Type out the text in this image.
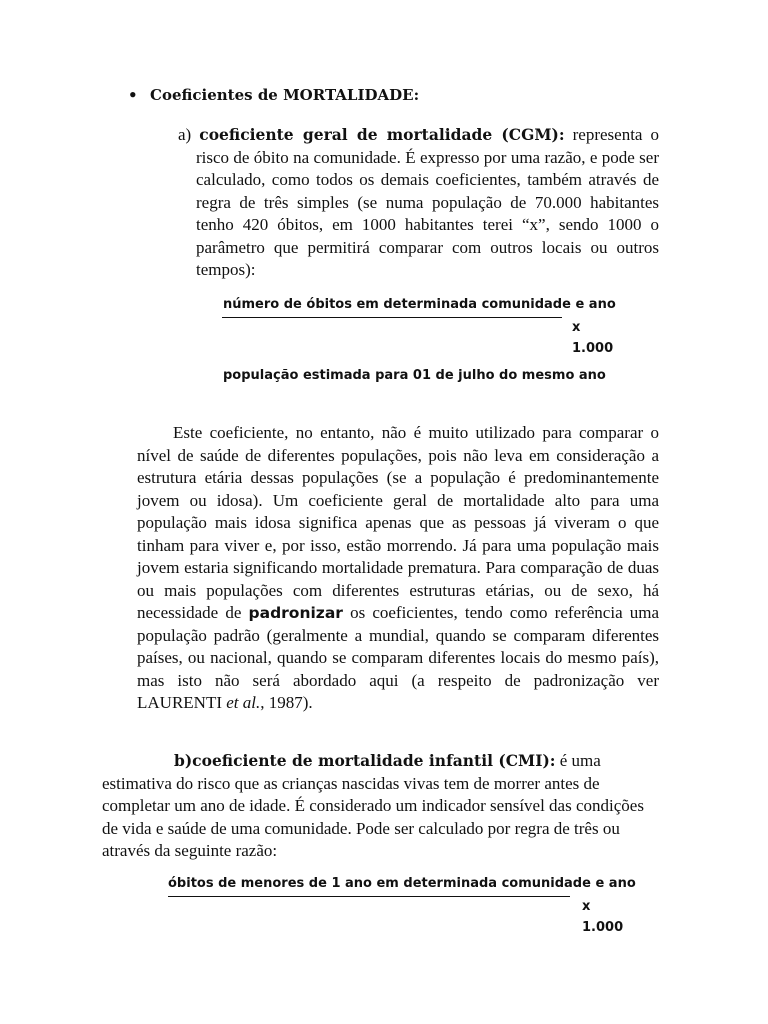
• Coeficientes de MORTALIDADE:
a) coeficiente geral de mortalidade (CGM): representa o risco de óbito na comunidade. É expresso por uma razão, e pode ser calculado, como todos os demais coeficientes, também através de regra de três simples (se numa população de 70.000 habitantes tenho 420 óbitos, em 1000 habitantes terei “x”, sendo 1000 o parâmetro que permitirá comparar com outros locais ou outros tempos):
número de óbitos em determinada comunidade e ano
x
1.000
população estimada para 01 de julho do mesmo ano
Este coeficiente, no entanto, não é muito utilizado para comparar o nível de saúde de diferentes populações, pois não leva em consideração a estrutura etária dessas populações (se a população é predominantemente jovem ou idosa). Um coeficiente geral de mortalidade alto para uma população mais idosa significa apenas que as pessoas já viveram o que tinham para viver e, por isso, estão morrendo. Já para uma população mais jovem estaria significando mortalidade prematura. Para comparação de duas ou mais populações com diferentes estruturas etárias, ou de sexo, há necessidade de padronizar os coeficientes, tendo como referência uma população padrão (geralmente a mundial, quando se comparam diferentes países, ou nacional, quando se comparam diferentes locais do mesmo país), mas isto não será abordado aqui (a respeito de padronização ver LAURENTI et al., 1987).
b)coeficiente de mortalidade infantil (CMI): é uma estimativa do risco que as crianças nascidas vivas tem de morrer antes de completar um ano de idade. É considerado um indicador sensível das condições de vida e saúde de uma comunidade. Pode ser calculado por regra de três ou através da seguinte razão:
óbitos de menores de 1 ano em determinada comunidade e ano
x
1.000
